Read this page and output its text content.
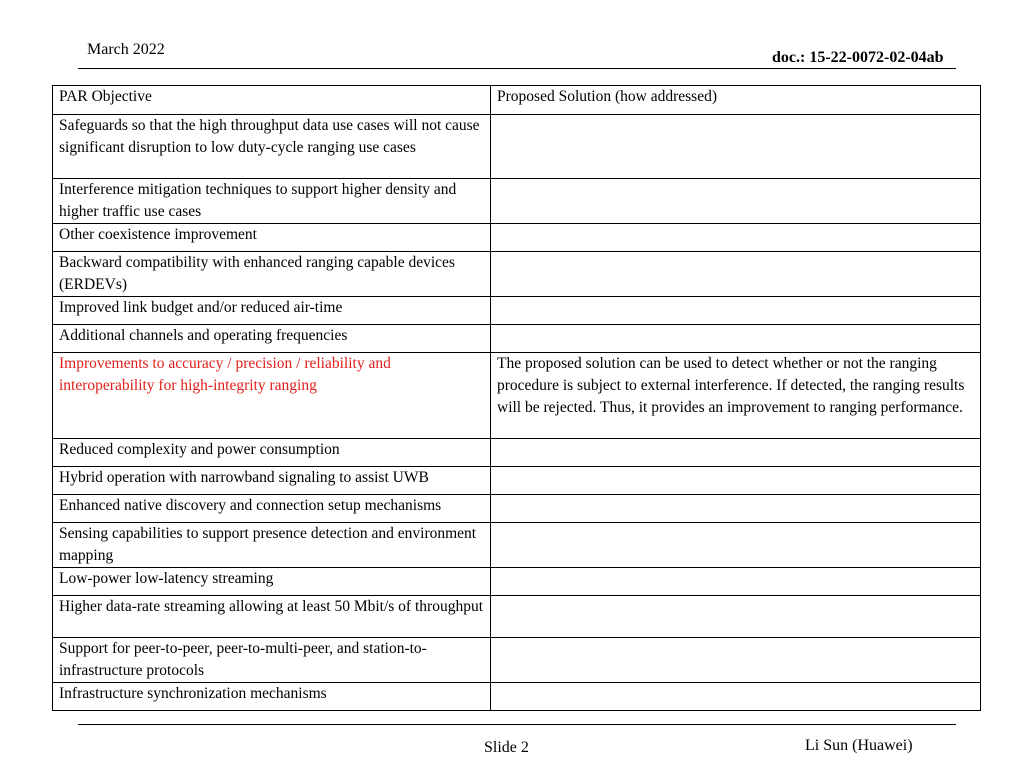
March 2022	doc.: 15-22-0072-02-04ab
PAR Objective	Proposed Solution (how addressed)
Safeguards so that the high throughput data use cases will not cause significant disruption to low duty-cycle ranging use cases	
Interference mitigation techniques to support higher density and higher traffic use cases	
Other coexistence improvement	
Backward compatibility with enhanced ranging capable devices (ERDEVs)	
Improved link budget and/or reduced air-time	
Additional channels and operating frequencies	
Improvements to accuracy / precision / reliability and interoperability for high-integrity ranging	The proposed solution can be used to detect whether or not the ranging procedure is subject to external interference. If detected, the ranging results will be rejected. Thus, it provides an improvement to ranging performance.
Reduced complexity and power consumption	
Hybrid operation with narrowband signaling to assist UWB	
Enhanced native discovery and connection setup mechanisms	
Sensing capabilities to support presence detection and environment mapping	
Low-power low-latency streaming	
Higher data-rate streaming allowing at least 50 Mbit/s of throughput	
Support for peer-to-peer, peer-to-multi-peer, and station-to-infrastructure protocols	
Infrastructure synchronization mechanisms	
Slide 2	Li Sun (Huawei)
